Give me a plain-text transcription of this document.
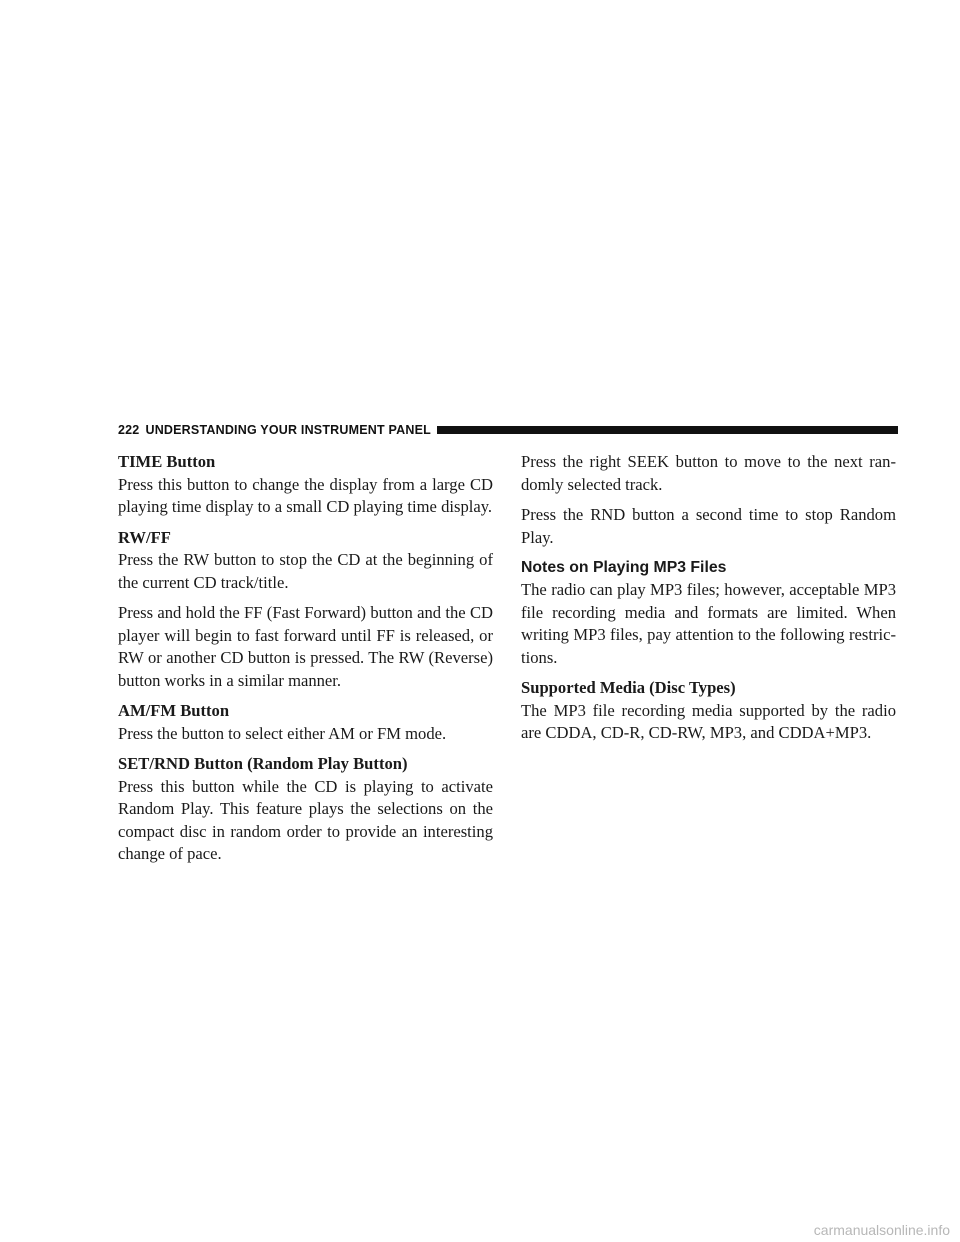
222 UNDERSTANDING YOUR INSTRUMENT PANEL
TIME Button

Press this button to change the display from a large CD playing time display to a small CD playing time display.

RW/FF

Press the RW button to stop the CD at the beginning of the current CD track/title.

Press and hold the FF (Fast Forward) button and the CD player will begin to fast forward until FF is released, or RW or another CD button is pressed. The RW (Reverse) button works in a similar manner.

AM/FM Button

Press the button to select either AM or FM mode.

SET/RND Button (Random Play Button)

Press this button while the CD is playing to activate Random Play. This feature plays the selections on the compact disc in random order to provide an interesting change of pace.

Press the right SEEK button to move to the next ran-domly selected track.

Press the RND button a second time to stop Random Play.

Notes on Playing MP3 Files

The radio can play MP3 files; however, acceptable MP3 file recording media and formats are limited. When writing MP3 files, pay attention to the following restric-tions.

Supported Media (Disc Types)

The MP3 file recording media supported by the radio are CDDA, CD-R, CD-RW, MP3, and CDDA+MP3.

carmanualsonline.info
